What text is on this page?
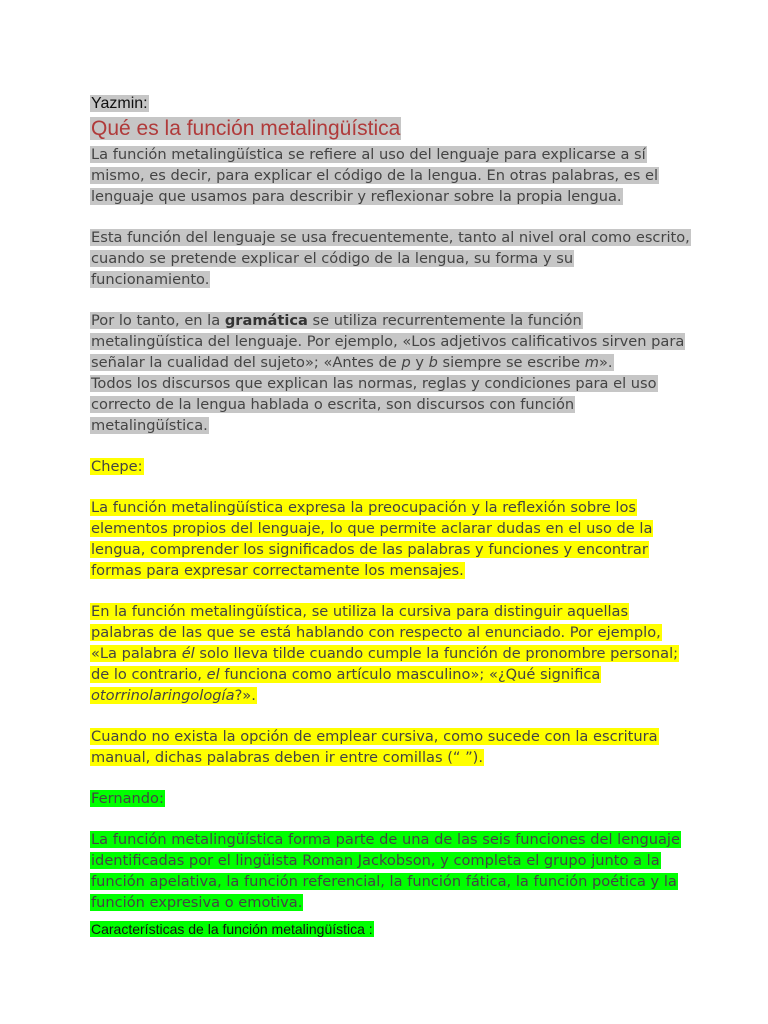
Yazmin:

Qué es la función metalingüística

La función metalingüística se refiere al uso del lenguaje para explicarse a sí mismo, es decir, para explicar el código de la lengua. En otras palabras, es el lenguaje que usamos para describir y reflexionar sobre la propia lengua.

Esta función del lenguaje se usa frecuentemente, tanto al nivel oral como escrito, cuando se pretende explicar el código de la lengua, su forma y su funcionamiento.

Por lo tanto, en la gramática se utiliza recurrentemente la función metalingüística del lenguaje. Por ejemplo, «Los adjetivos calificativos sirven para señalar la cualidad del sujeto»; «Antes de p y b siempre se escribe m».
Todos los discursos que explican las normas, reglas y condiciones para el uso correcto de la lengua hablada o escrita, son discursos con función metalingüística.

Chepe:

La función metalingüística expresa la preocupación y la reflexión sobre los elementos propios del lenguaje, lo que permite aclarar dudas en el uso de la lengua, comprender los significados de las palabras y funciones y encontrar formas para expresar correctamente los mensajes.

En la función metalingüística, se utiliza la cursiva para distinguir aquellas palabras de las que se está hablando con respecto al enunciado. Por ejemplo, «La palabra él solo lleva tilde cuando cumple la función de pronombre personal; de lo contrario, el funciona como artículo masculino»; «¿Qué significa otorrinolaringología?».

Cuando no exista la opción de emplear cursiva, como sucede con la escritura manual, dichas palabras deben ir entre comillas (“ ”).

Fernando:

La función metalingüística forma parte de una de las seis funciones del lenguaje identificadas por el lingüista Roman Jackobson, y completa el grupo junto a la función apelativa, la función referencial, la función fática, la función poética y la función expresiva o emotiva.

Características de la función metalingüística :
